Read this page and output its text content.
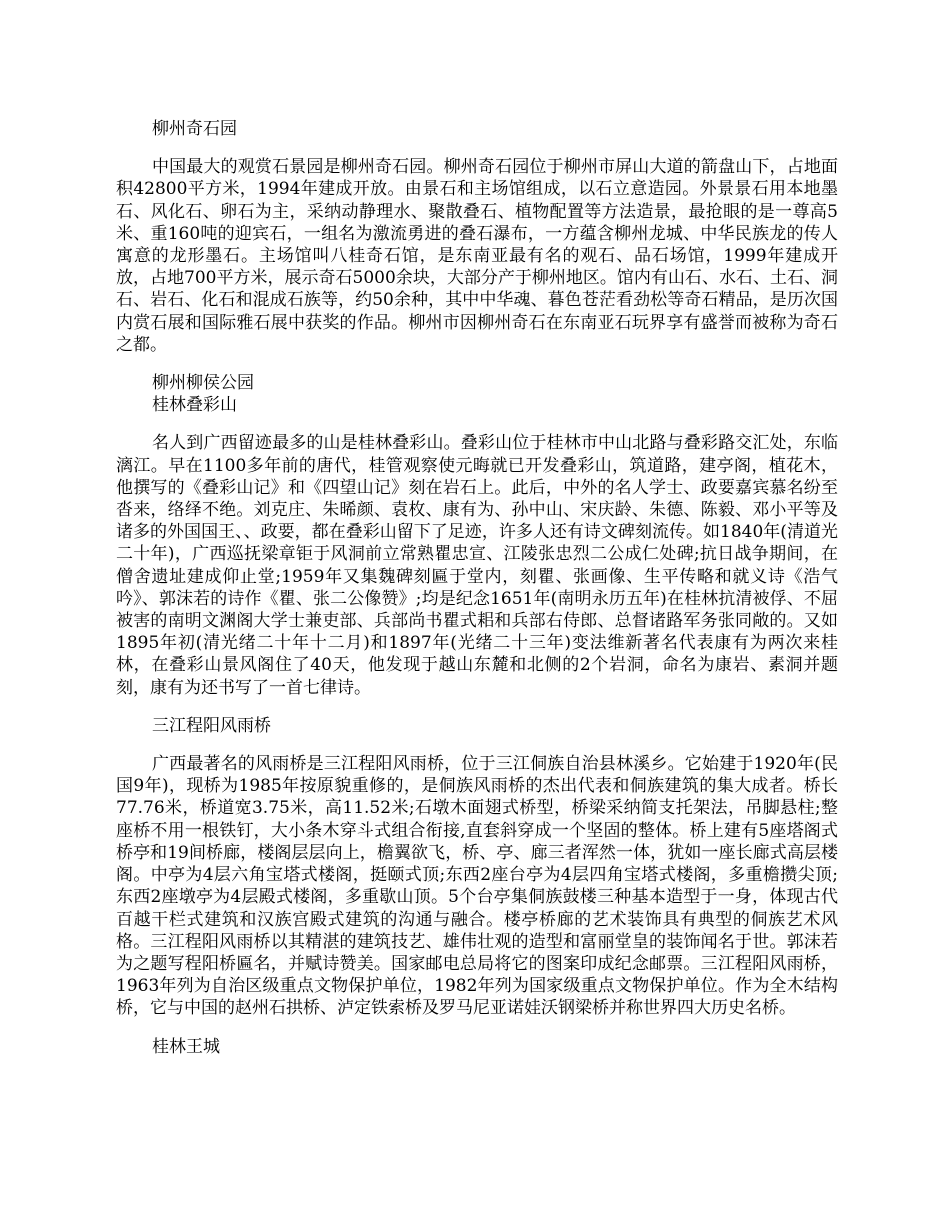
柳州奇石园

中国最大的观赏石景园是柳州奇石园。柳州奇石园位于柳州市屏山大道的箭盘山下，占地面积42800平方米，1994年建成开放。由景石和主场馆组成，以石立意造园。外景景石用本地墨石、风化石、卵石为主，采纳动静理水、聚散叠石、植物配置等方法造景，最抢眼的是一尊高5米、重160吨的迎宾石，一组名为激流勇进的叠石瀑布，一方蕴含柳州龙城、中华民族龙的传人寓意的龙形墨石。主场馆叫八桂奇石馆，是东南亚最有名的观石、品石场馆，1999年建成开放，占地700平方米，展示奇石5000余块，大部分产于柳州地区。馆内有山石、水石、土石、洞石、岩石、化石和混成石族等，约50余种，其中中华魂、暮色苍茫看劲松等奇石精品，是历次国内赏石展和国际雅石展中获奖的作品。柳州市因柳州奇石在东南亚石玩界享有盛誉而被称为奇石之都。

柳州柳侯公园

桂林叠彩山

名人到广西留迹最多的山是桂林叠彩山。叠彩山位于桂林市中山北路与叠彩路交汇处，东临漓江。早在1100多年前的唐代，桂管观察使元晦就已开发叠彩山，筑道路，建亭阁，植花木，他撰写的《叠彩山记》和《四望山记》刻在岩石上。此后，中外的名人学士、政要嘉宾慕名纷至沓来，络绎不绝。刘克庄、朱晞颜、袁枚、康有为、孙中山、宋庆龄、朱德、陈毅、邓小平等及诸多的外国国王、、政要，都在叠彩山留下了足迹，许多人还有诗文碑刻流传。如1840年(清道光二十年)，广西巡抚梁章钜于风洞前立常熟瞿忠宣、江陵张忠烈二公成仁处碑;抗日战争期间，在僧舍遗址建成仰止堂;1959年又集魏碑刻匾于堂内，刻瞿、张画像、生平传略和就义诗《浩气吟》、郭沫若的诗作《瞿、张二公像赞》;均是纪念1651年(南明永历五年)在桂林抗清被俘、不屈被害的南明文渊阁大学士兼吏部、兵部尚书瞿式耜和兵部右侍郎、总督诸路军务张同敞的。又如1895年初(清光绪二十年十二月)和1897年(光绪二十三年)变法维新著名代表康有为两次来桂林，在叠彩山景风阁住了40天，他发现于越山东麓和北侧的2个岩洞，命名为康岩、素洞并题刻，康有为还书写了一首七律诗。

三江程阳风雨桥

广西最著名的风雨桥是三江程阳风雨桥，位于三江侗族自治县林溪乡。它始建于1920年(民国9年)，现桥为1985年按原貌重修的，是侗族风雨桥的杰出代表和侗族建筑的集大成者。桥长77.76米，桥道宽3.75米，高11.52米;石墩木面翅式桥型，桥梁采纳简支托架法，吊脚悬柱;整座桥不用一根铁钉，大小条木穿斗式组合衔接,直套斜穿成一个坚固的整体。桥上建有5座塔阁式桥亭和19间桥廊，楼阁层层向上，檐翼欲飞，桥、亭、廊三者浑然一体，犹如一座长廊式高层楼阁。中亭为4层六角宝塔式楼阁，挺颐式顶;东西2座台亭为4层四角宝塔式楼阁，多重檐攒尖顶;东西2座墩亭为4层殿式楼阁，多重歇山顶。5个台亭集侗族鼓楼三种基本造型于一身，体现古代百越干栏式建筑和汉族宫殿式建筑的沟通与融合。楼亭桥廊的艺术装饰具有典型的侗族艺术风格。三江程阳风雨桥以其精湛的建筑技艺、雄伟壮观的造型和富丽堂皇的装饰闻名于世。郭沫若为之题写程阳桥匾名，并赋诗赞美。国家邮电总局将它的图案印成纪念邮票。三江程阳风雨桥，1963年列为自治区级重点文物保护单位，1982年列为国家级重点文物保护单位。作为全木结构桥，它与中国的赵州石拱桥、泸定铁索桥及罗马尼亚诺娃沃钢梁桥并称世界四大历史名桥。

桂林王城
